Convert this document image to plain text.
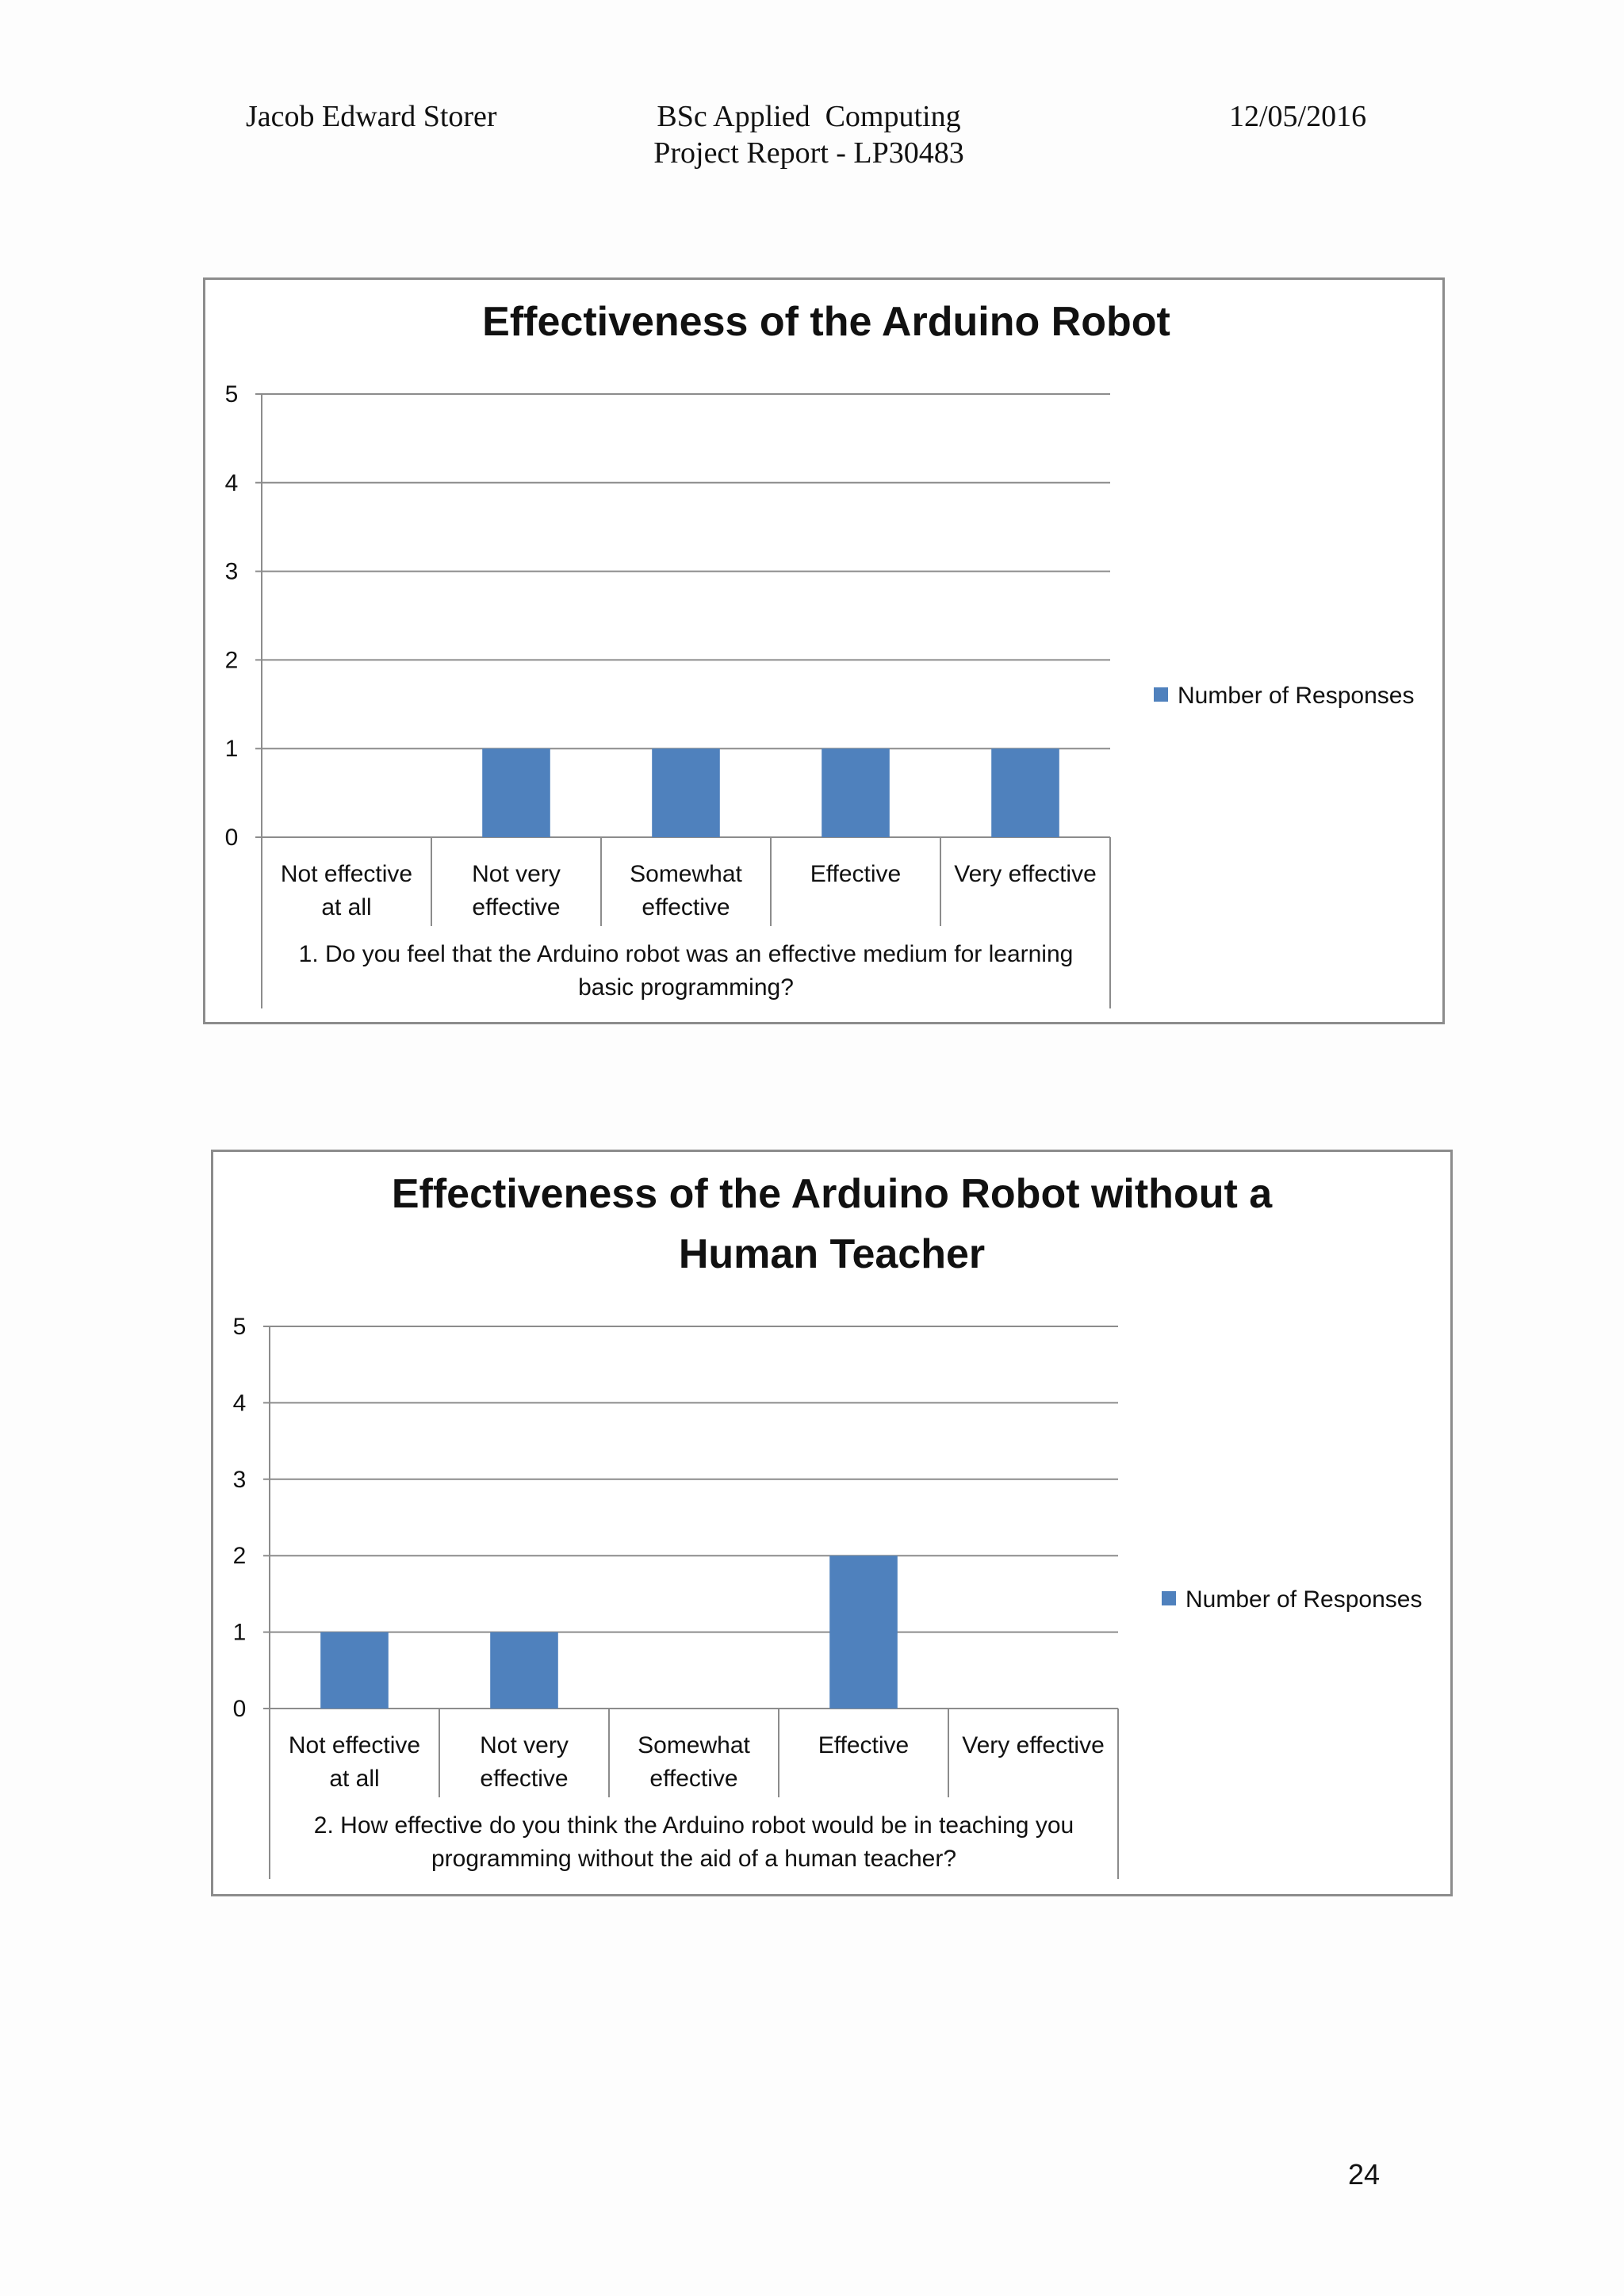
Jacob Edward Storer	BSc Applied  Computing
Project Report - LP30483
12/05/2016
Effectiveness of the Arduino Robot
0
1
2
3
4
5
Not effective
at all
Not very
effective
Somewhat
effective
Effective Very effective
1. Do you feel that the Arduino robot was an effective medium for learning
basic programming?
Number of Responses
Effectiveness of the Arduino Robot without a
Human Teacher
0
1
2
3
4
5
Not effective
at all
Not very
effective
Somewhat
effective
Effective Very effective
2. How effective do you think the Arduino robot would be in teaching you
programming without the aid of a human teacher?
Number of Responses
24
